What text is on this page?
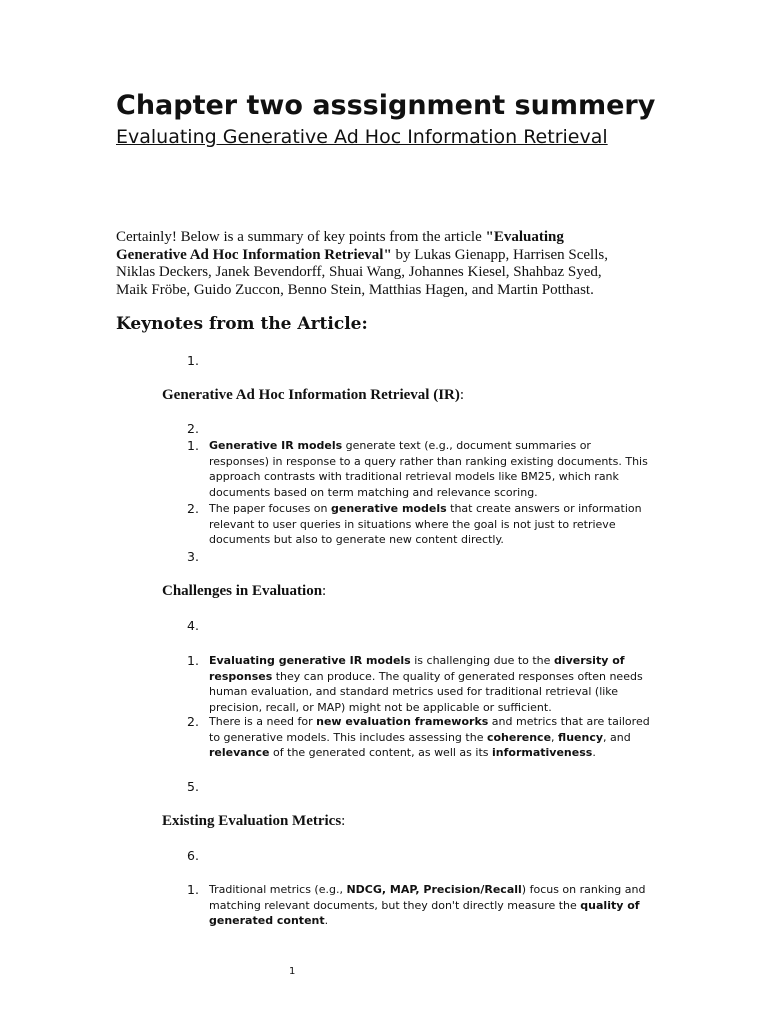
Chapter two asssignment summery
Evaluating Generative Ad Hoc Information Retrieval

Certainly! Below is a summary of key points from the article "Evaluating Generative Ad Hoc Information Retrieval" by Lukas Gienapp, Harrisen Scells, Niklas Deckers, Janek Bevendorff, Shuai Wang, Johannes Kiesel, Shahbaz Syed, Maik Fröbe, Guido Zuccon, Benno Stein, Matthias Hagen, and Martin Potthast.

Keynotes from the Article:
1.
2.
3.
4.
5.
6.
Generative Ad Hoc Information Retrieval (IR):
1. Generative IR models generate text (e.g., document summaries or responses) in response to a query rather than ranking existing documents. This approach contrasts with traditional retrieval models like BM25, which rank documents based on term matching and relevance scoring.
2. The paper focuses on generative models that create answers or information relevant to user queries in situations where the goal is not just to retrieve documents but also to generate new content directly.
Challenges in Evaluation:
1. Evaluating generative IR models is challenging due to the diversity of responses they can produce. The quality of generated responses often needs human evaluation, and standard metrics used for traditional retrieval (like precision, recall, or MAP) might not be applicable or sufficient.
2. There is a need for new evaluation frameworks and metrics that are tailored to generative models. This includes assessing the coherence, fluency, and relevance of the generated content, as well as its informativeness.
Existing Evaluation Metrics:
1. Traditional metrics (e.g., NDCG, MAP, Precision/Recall) focus on ranking and matching relevant documents, but they don't directly measure the quality of generated content.
1
